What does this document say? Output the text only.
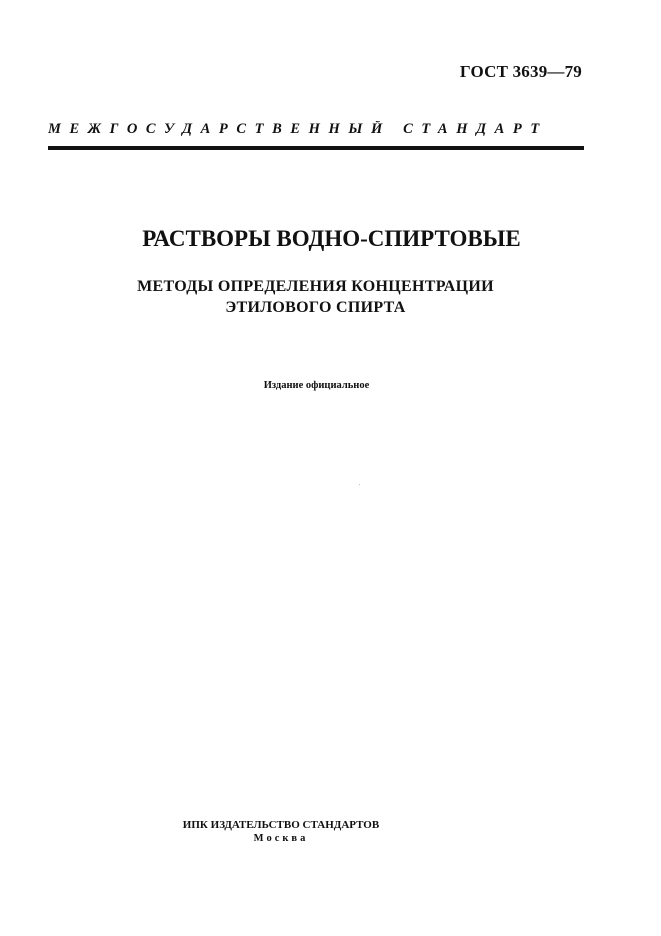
ГОСТ 3639—79
МЕЖГОСУДАРСТВЕННЫЙ СТАНДАРТ
РАСТВОРЫ ВОДНО-СПИРТОВЫЕ
МЕТОДЫ ОПРЕДЕЛЕНИЯ КОНЦЕНТРАЦИИ
ЭТИЛОВОГО СПИРТА
Издание официальное
ИПК ИЗДАТЕЛЬСТВО СТАНДАРТОВ
Москва
